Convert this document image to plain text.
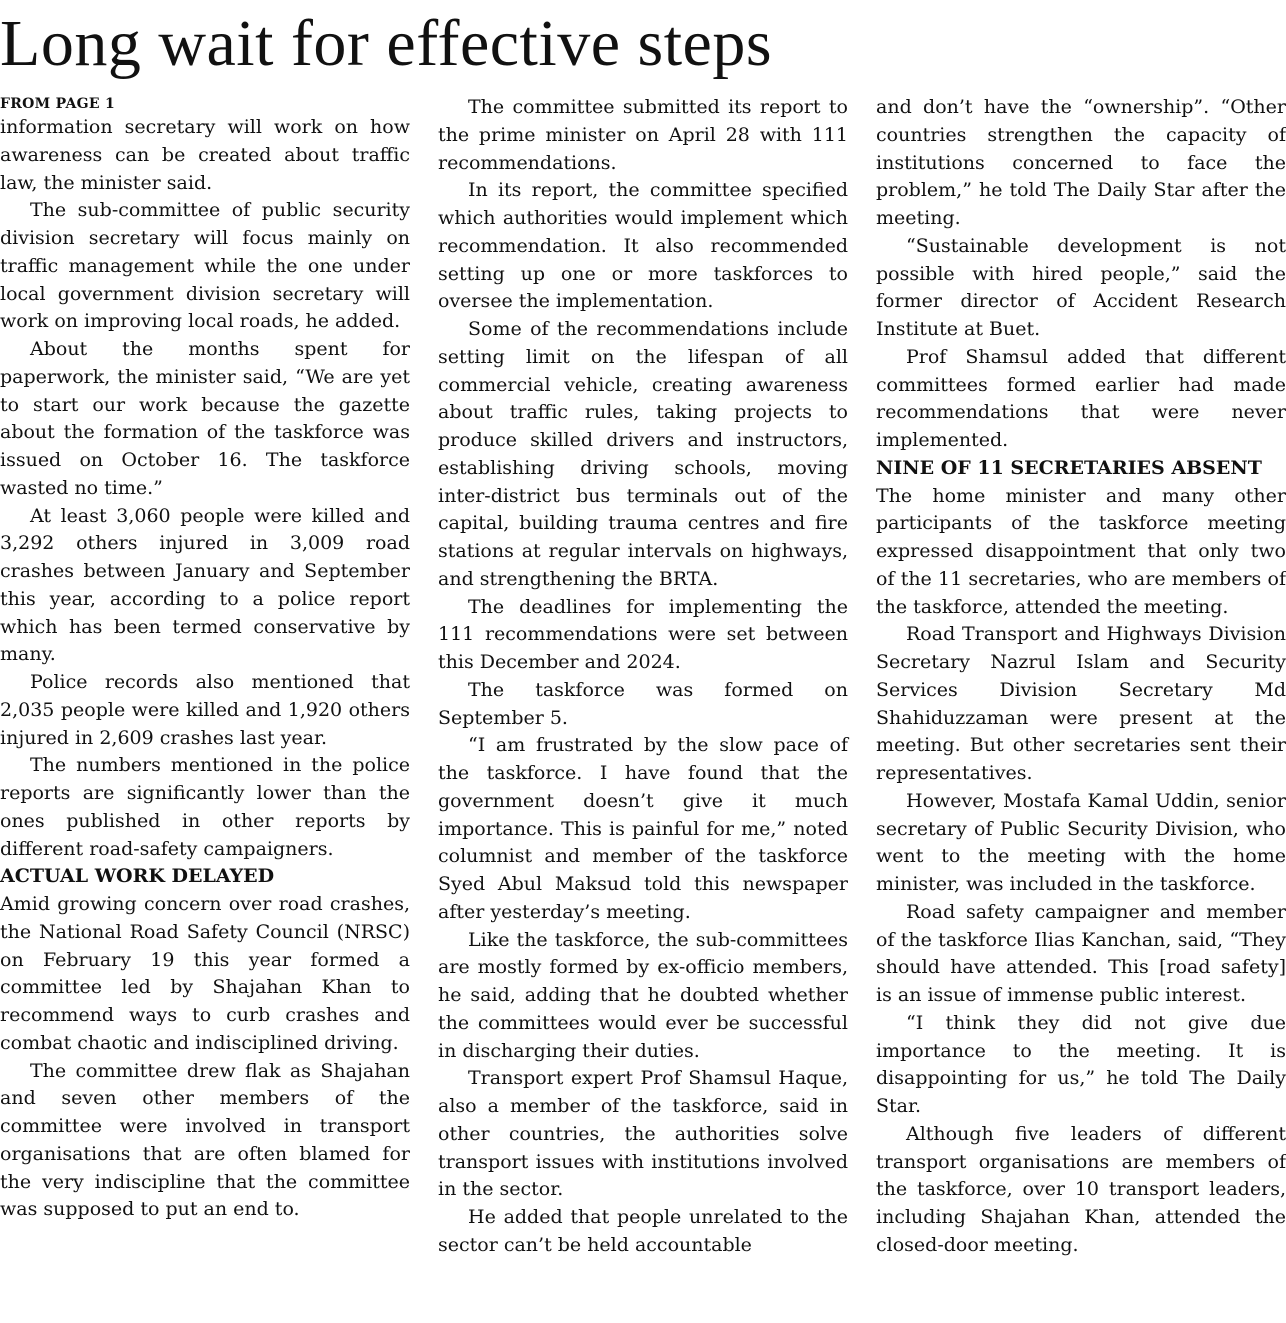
Long wait for effective steps
FROM PAGE 1

information secretary will work on how awareness can be created about traffic law, the minister said.

The sub-committee of public security division secretary will focus mainly on traffic management while the one under local government division secretary will work on improving local roads, he added.

About the months spent for paperwork, the minister said, “We are yet to start our work because the gazette about the formation of the taskforce was issued on October 16. The taskforce wasted no time.”

At least 3,060 people were killed and 3,292 others injured in 3,009 road crashes between January and September this year, according to a police report which has been termed conservative by many.

Police records also mentioned that 2,035 people were killed and 1,920 others injured in 2,609 crashes last year.

The numbers mentioned in the police reports are significantly lower than the ones published in other reports by different road-safety campaigners.

ACTUAL WORK DELAYED

Amid growing concern over road crashes, the National Road Safety Council (NRSC) on February 19 this year formed a committee led by Shajahan Khan to recommend ways to curb crashes and combat chaotic and indisciplined driving.

The committee drew flak as Shajahan and seven other members of the committee were involved in transport organisations that are often blamed for the very indiscipline that the committee was supposed to put an end to.

The committee submitted its report to the prime minister on April 28 with 111 recommendations.

In its report, the committee specified which authorities would implement which recommendation. It also recommended setting up one or more taskforces to oversee the implementation.

Some of the recommendations include setting limit on the lifespan of all commercial vehicle, creating awareness about traffic rules, taking projects to produce skilled drivers and instructors, establishing driving schools, moving inter-district bus terminals out of the capital, building trauma centres and fire stations at regular intervals on highways, and strengthening the BRTA.

The deadlines for implementing the 111 recommendations were set between this December and 2024.

The taskforce was formed on September 5.

“I am frustrated by the slow pace of the taskforce. I have found that the government doesn’t give it much importance. This is painful for me,” noted columnist and member of the taskforce Syed Abul Maksud told this newspaper after yesterday’s meeting.

Like the taskforce, the sub-committees are mostly formed by ex-officio members, he said, adding that he doubted whether the committees would ever be successful in discharging their duties.

Transport expert Prof Shamsul Haque, also a member of the taskforce, said in other countries, the authorities solve transport issues with institutions involved in the sector.

He added that people unrelated to the sector can’t be held accountable

and don’t have the “ownership”. “Other countries strengthen the capacity of institutions concerned to face the problem,” he told The Daily Star after the meeting.

“Sustainable development is not possible with hired people,” said the former director of Accident Research Institute at Buet.

Prof Shamsul added that different committees formed earlier had made recommendations that were never implemented.

NINE OF 11 SECRETARIES ABSENT

The home minister and many other participants of the taskforce meeting expressed disappointment that only two of the 11 secretaries, who are members of the taskforce, attended the meeting.

Road Transport and Highways Division Secretary Nazrul Islam and Security Services Division Secretary Md Shahiduzzaman were present at the meeting. But other secretaries sent their representatives.

However, Mostafa Kamal Uddin, senior secretary of Public Security Division, who went to the meeting with the home minister, was included in the taskforce.

Road safety campaigner and member of the taskforce Ilias Kanchan, said, “They should have attended. This [road safety] is an issue of immense public interest.

“I think they did not give due importance to the meeting. It is disappointing for us,” he told The Daily Star.

Although five leaders of different transport organisations are members of the taskforce, over 10 transport leaders, including Shajahan Khan, attended the closed-door meeting.
